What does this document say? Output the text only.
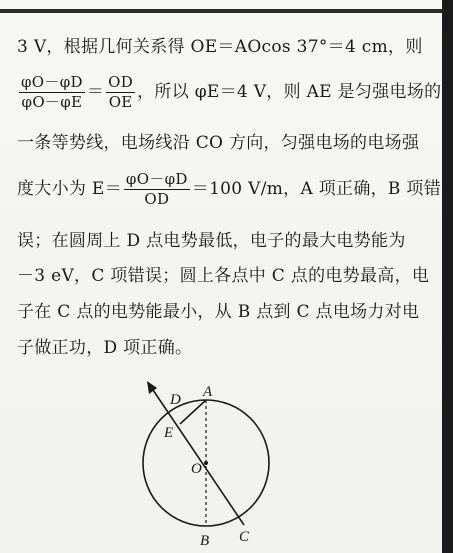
3 V，根据几何关系得 OE＝AOcos 37°＝4 cm，则
$\frac{\varphi O-\varphi D}{\varphi O-\varphi E} = \frac{OD}{OE}$ ，所以 φE＝4 V，则 AE 是匀强电场的
一条等势线，电场线沿 CO 方向，匀强电场的电场强
度大小为 $E= \frac{\varphi O-\varphi D}{OD} =100$ V/m，A 项正确，B 项错
误；在圆周上 D 点电势最低，电子的最大电势能为
－3 eV，C 项错误；圆上各点中 C 点的电势最高，电
子在 C 点的电势能最小，从 B 点到 C 点电场力对电
子做正功，D 项正确。
D A
E
O
C
B
